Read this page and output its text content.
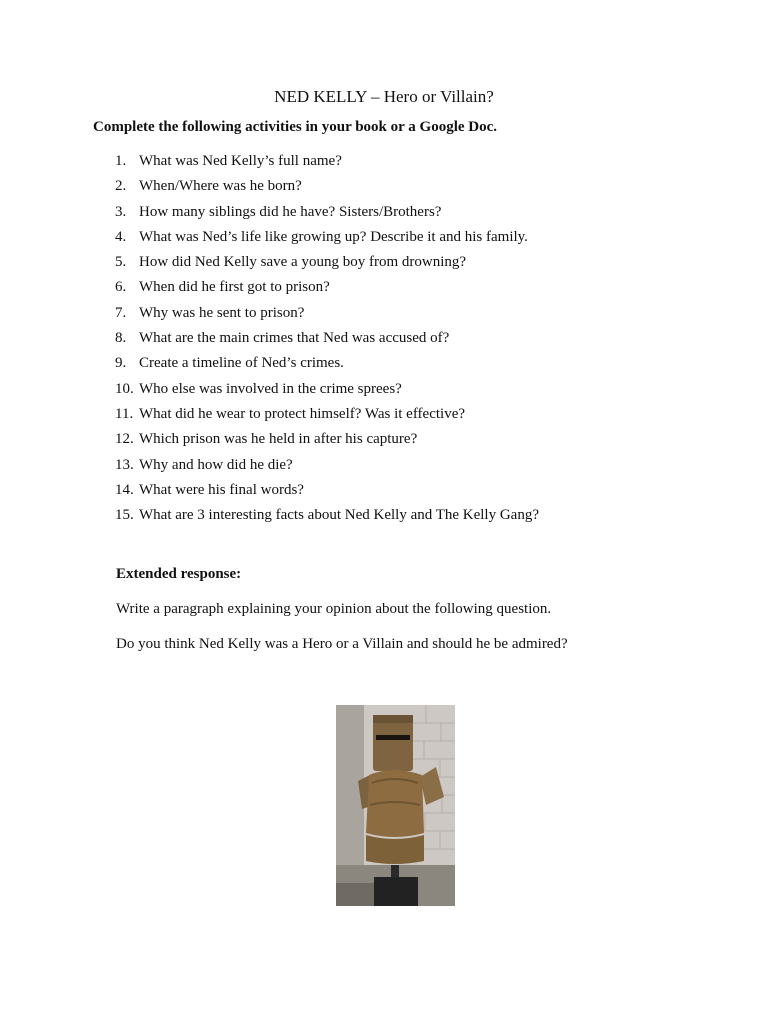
NED KELLY – Hero or Villain?
Complete the following activities in your book or a Google Doc.
1. What was Ned Kelly’s full name?
2. When/Where was he born?
3. How many siblings did he have? Sisters/Brothers?
4. What was Ned’s life like growing up? Describe it and his family.
5. How did Ned Kelly save a young boy from drowning?
6. When did he first got to prison?
7. Why was he sent to prison?
8. What are the main crimes that Ned was accused of?
9. Create a timeline of Ned’s crimes.
10. Who else was involved in the crime sprees?
11. What did he wear to protect himself? Was it effective?
12. Which prison was he held in after his capture?
13. Why and how did he die?
14. What were his final words?
15. What are 3 interesting facts about Ned Kelly and The Kelly Gang?
Extended response:
Write a paragraph explaining your opinion about the following question.
Do you think Ned Kelly was a Hero or a Villain and should he be admired?
